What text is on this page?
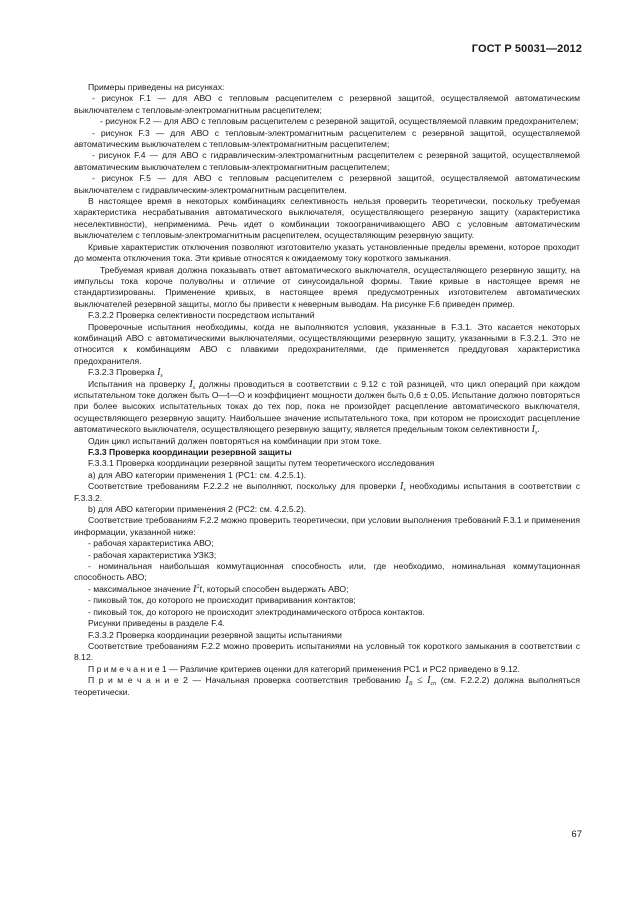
ГОСТ Р 50031—2012

Примеры приведены на рисунках:

- рисунок F.1 — для АВО с тепловым расцепителем с резервной защитой, осуществляемой автоматическим выключателем с тепловым-электромагнитным расцепителем;

- рисунок F.2 — для АВО с тепловым расцепителем с резервной защитой, осуществляемой плавким предохранителем;

- рисунок F.3 — для АВО с тепловым-электромагнитным расцепителем с резервной защитой, осуществляемой автоматическим выключателем с тепловым-электромагнитным расцепителем;

- рисунок F.4 — для АВО с гидравлическим-электромагнитным расцепителем с резервной защитой, осуществляемой автоматическим выключателем с тепловым-электромагнитным расцепителем;

- рисунок F.5 — для АВО с тепловым расцепителем с резервной защитой, осуществляемой автоматическим выключателем с гидравлическим-электромагнитным расцепителем.

В настоящее время в некоторых комбинациях селективность нельзя проверить теоретически, поскольку требуемая характеристика несрабатывания автоматического выключателя, осуществляющего резервную защиту (характеристика неселективности), неприменима. Речь идет о комбинации токоограничивающего АВО с условным автоматическим выключателем с тепловым-электромагнитным расцепителем, осуществляющим резервную защиту.

Кривые характеристик отключения позволяют изготовителю указать установленные пределы времени, которое проходит до момента отключения тока. Эти кривые относятся к ожидаемому току короткого замыкания.

Требуемая кривая должна показывать ответ автоматического выключателя, осуществляющего резервную защиту, на импульсы тока короче полуволны и отличие от синусоидальной формы. Такие кривые в настоящее время не стандартизированы. Применение кривых, в настоящее время предусмотренных изготовителем автоматических выключателей резервной защиты, могло бы привести к неверным выводам. На рисунке F.6 приведен пример.

F.3.2.2 Проверка селективности посредством испытаний

Проверочные испытания необходимы, когда не выполняются условия, указанные в F.3.1. Это касается некоторых комбинаций АВО с автоматическими выключателями, осуществляющими резервную защиту, указанными в F.3.2.1. Это не относится к комбинациям АВО с плавкими предохранителями, где применяется преддуговая характеристика предохранителя.

F.3.2.3 Проверка $I_s$

Испытания на проверку $I_s$ должны проводиться в соответствии с 9.12 с той разницей, что цикл операций при каждом испытательном токе должен быть O—t—O и коэффициент мощности должен быть 0,6 ± 0,05. Испытание должно повторяться при более высоких испытательных токах до тех пор, пока не произойдет расцепление автоматического выключателя, осуществляющего резервную защиту. Наибольшее значение испытательного тока, при котором не происходит расцепление автоматического выключателя, осуществляющего резервную защиту, является предельным током селективности $I_s$.

Один цикл испытаний должен повторяться на комбинации при этом токе.

F.3.3 Проверка координации резервной защиты

F.3.3.1 Проверка координации резервной защиты путем теоретического исследования

а) для АВО категории применения 1 (PC1: см. 4.2.5.1).

Соответствие требованиям F.2.2.2 не выполняют, поскольку для проверки $I_s$ необходимы испытания в соответствии с F.3.3.2.

b) для АВО категории применения 2 (PC2: см. 4.2.5.2).

Соответствие требованиям F.2.2 можно проверить теоретически, при условии выполнения требований F.3.1 и применения информации, указанной ниже:

- рабочая характеристика АВО;

- рабочая характеристика УЗКЗ;

- номинальная наибольшая коммутационная способность или, где необходимо, номинальная коммутационная способность АВО;

- максимальное значение $I^2t$, который способен выдержать АВО;

- пиковый ток, до которого не происходит приваривания контактов;

- пиковый ток, до которого не происходит электродинамического отброса контактов.

Рисунки приведены в разделе F.4.

F.3.3.2 Проверка координации резервной защиты испытаниями

Соответствие требованиям F.2.2 можно проверить испытаниями на условный ток короткого замыкания в соответствии с 8.12.

П р и м е ч а н и е 1 — Различие критериев оценки для категорий применения PC1 и PC2 приведено в 9.12.

П р и м е ч а н и е 2 — Начальная проверка соответствия требованию $I_B \le I_{cn}$ (см. F.2.2.2) должна выполняться теоретически.

67
